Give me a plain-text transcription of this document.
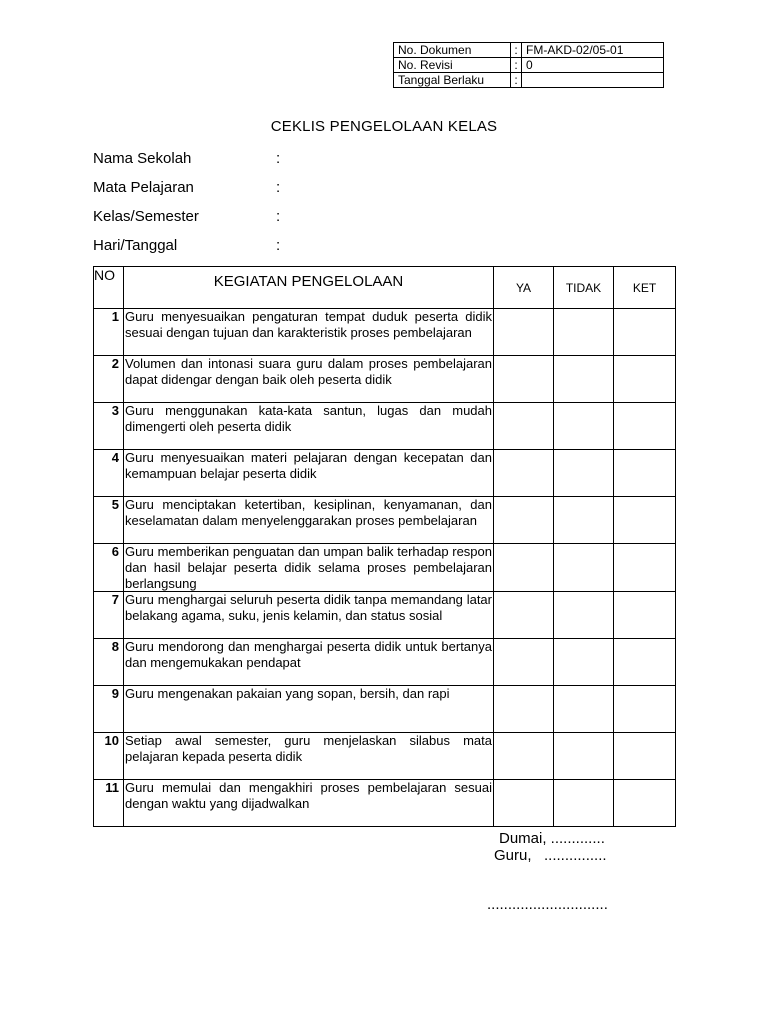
No. Dokumen	:	FM-AKD-02/05-01
No. Revisi	:	0
Tanggal Berlaku	:	
CEKLIS PENGELOLAAN KELAS
Nama Sekolah	:
Mata Pelajaran	:
Kelas/Semester	:
Hari/Tanggal	:
NO	KEGIATAN PENGELOLAAN	YA	TIDAK	KET
1	Guru menyesuaikan pengaturan tempat duduk peserta didik sesuai dengan tujuan dan karakteristik proses pembelajaran			
2	Volumen dan intonasi suara guru dalam proses pembelajaran dapat didengar dengan baik oleh peserta didik			
3	Guru menggunakan kata-kata santun, lugas dan mudah dimengerti oleh peserta didik			
4	Guru menyesuaikan materi pelajaran dengan kecepatan dan kemampuan belajar peserta didik			
5	Guru menciptakan ketertiban, kesiplinan, kenyamanan, dan keselamatan dalam menyelenggarakan proses pembelajaran			
6	Guru memberikan penguatan dan umpan balik terhadap respon dan hasil belajar peserta didik selama proses pembelajaran berlangsung			
7	Guru menghargai seluruh peserta didik tanpa memandang latar belakang agama, suku, jenis kelamin, dan status sosial			
8	Guru mendorong dan menghargai peserta didik untuk bertanya dan mengemukakan pendapat			
9	Guru mengenakan pakaian yang sopan, bersih, dan rapi			
10	Setiap awal semester, guru menjelaskan silabus mata pelajaran kepada peserta didik			
11	Guru memulai dan mengakhiri proses pembelajaran sesuai dengan waktu yang dijadwalkan			
Dumai, .............
Guru,   ...............
.............................
